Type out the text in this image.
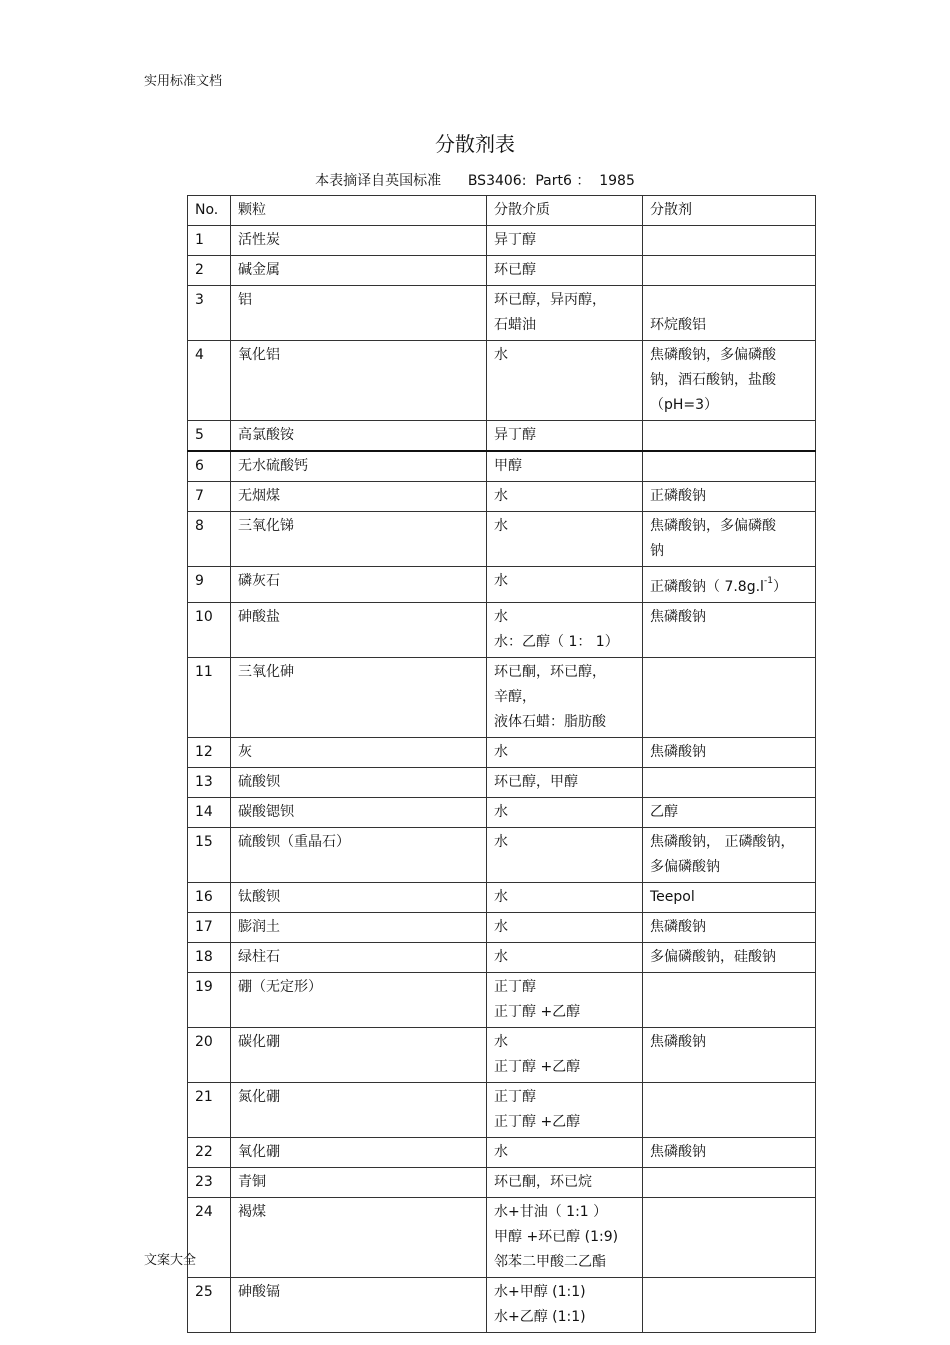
实用标准文档
分散剂表
本表摘译自英国标准 BS3406: Part6 ： 1985
No.	颗粒	分散介质	分散剂
1	活性炭	异丁醇	
2	碱金属	环已醇	
3	铝	环已醇，异丙醇，
石蜡油	环烷酸铝
4	氧化铝	水	焦磷酸钠，多偏磷酸
钠，酒石酸钠，盐酸
（pH=3）
5	高氯酸铵	异丁醇	
6	无水硫酸钙	甲醇	
7	无烟煤	水	正磷酸钠
8	三氧化锑	水	焦磷酸钠，多偏磷酸
钠
9	磷灰石	水	正磷酸钠（ $7.8g.l^{-1}$）
10	砷酸盐	水
水：乙醇（ 1： 1）	焦磷酸钠
11	三氧化砷	环已酮，环已醇，
辛醇，
液体石蜡：脂肪酸	
12	灰	水	焦磷酸钠
13	硫酸钡	环已醇，甲醇	
14	碳酸锶钡	水	乙醇
15	硫酸钡（重晶石）	水	焦磷酸钠， 正磷酸钠，
多偏磷酸钠
16	钛酸钡	水	Teepol
17	膨润土	水	焦磷酸钠
18	绿柱石	水	多偏磷酸钠，硅酸钠
19	硼（无定形）	正丁醇
正丁醇 +乙醇	
20	碳化硼	水
正丁醇 +乙醇	焦磷酸钠
21	氮化硼	正丁醇
正丁醇 +乙醇	
22	氧化硼	水	焦磷酸钠
23	青铜	环已酮，环已烷	
24	褐煤	水+甘油（ 1:1 ）
甲醇 +环已醇 (1:9)
邻苯二甲酸二乙酯	
25	砷酸镉	水+甲醇 (1:1)
水+乙醇 (1:1)	
文案大全
